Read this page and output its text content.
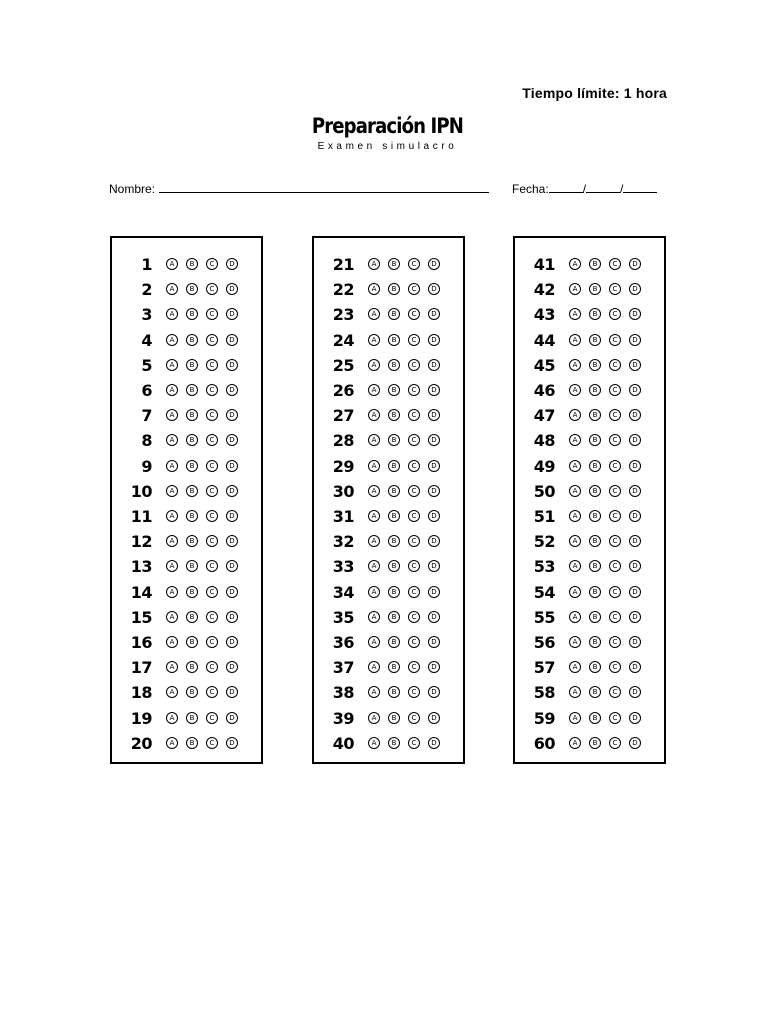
Tiempo límite: 1 hora
Preparación IPN
Examen simulacro
Nombre:	Fecha:	/	/
1	A	B	C	D
2	A	B	C	D
3	A	B	C	D
4	A	B	C	D
5	A	B	C	D
6	A	B	C	D
7	A	B	C	D
8	A	B	C	D
9	A	B	C	D
10	A	B	C	D
11	A	B	C	D
12	A	B	C	D
13	A	B	C	D
14	A	B	C	D
15	A	B	C	D
16	A	B	C	D
17	A	B	C	D
18	A	B	C	D
19	A	B	C	D
20	A	B	C	D
21	A	B	C	D
22	A	B	C	D
23	A	B	C	D
24	A	B	C	D
25	A	B	C	D
26	A	B	C	D
27	A	B	C	D
28	A	B	C	D
29	A	B	C	D
30	A	B	C	D
31	A	B	C	D
32	A	B	C	D
33	A	B	C	D
34	A	B	C	D
35	A	B	C	D
36	A	B	C	D
37	A	B	C	D
38	A	B	C	D
39	A	B	C	D
40	A	B	C	D
41	A	B	C	D
42	A	B	C	D
43	A	B	C	D
44	A	B	C	D
45	A	B	C	D
46	A	B	C	D
47	A	B	C	D
48	A	B	C	D
49	A	B	C	D
50	A	B	C	D
51	A	B	C	D
52	A	B	C	D
53	A	B	C	D
54	A	B	C	D
55	A	B	C	D
56	A	B	C	D
57	A	B	C	D
58	A	B	C	D
59	A	B	C	D
60	A	B	C	D
